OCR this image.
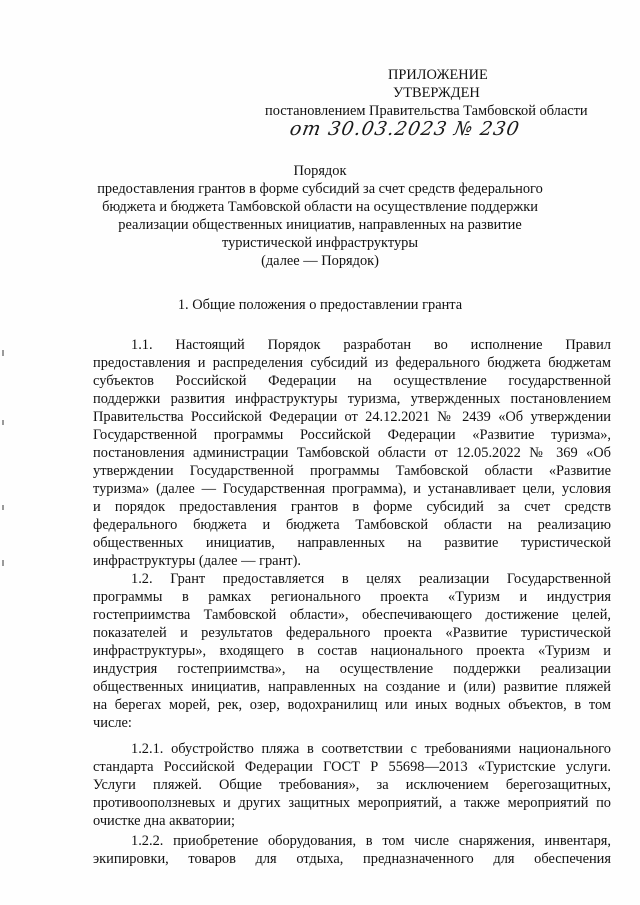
ПРИЛОЖЕНИЕ
УТВЕРЖДЕН
постановлением Правительства Тамбовской области
от 30.03.2023 № 230
Порядок
предоставления грантов в форме субсидий за счет средств федерального
бюджета и бюджета Тамбовской области на осуществление поддержки
реализации общественных инициатив, направленных на развитие
туристической инфраструктуры
(далее — Порядок)
1. Общие положения о предоставлении гранта
1.1. Настоящий Порядок разработан во исполнение Правил
предоставления и распределения субсидий из федерального бюджета бюджетам
субъектов Российской Федерации на осуществление государственной
поддержки развития инфраструктуры туризма, утвержденных постановлением
Правительства Российской Федерации от 24.12.2021 № 2439 «Об утверждении
Государственной программы Российской Федерации «Развитие туризма»,
постановления администрации Тамбовской области от 12.05.2022 № 369 «Об
утверждении Государственной программы Тамбовской области «Развитие
туризма» (далее — Государственная программа), и устанавливает цели, условия
и порядок предоставления грантов в форме субсидий за счет средств
федерального бюджета и бюджета Тамбовской области на реализацию
общественных инициатив, направленных на развитие туристической
инфраструктуры (далее — грант).
1.2. Грант предоставляется в целях реализации Государственной
программы в рамках регионального проекта «Туризм и индустрия
гостеприимства Тамбовской области», обеспечивающего достижение целей,
показателей и результатов федерального проекта «Развитие туристической
инфраструктуры», входящего в состав национального проекта «Туризм и
индустрия гостеприимства», на осуществление поддержки реализации
общественных инициатив, направленных на создание и (или) развитие пляжей
на берегах морей, рек, озер, водохранилищ или иных водных объектов, в том
числе:
1.2.1. обустройство пляжа в соответствии с требованиями национального
стандарта Российской Федерации ГОСТ Р 55698—2013 «Туристские услуги.
Услуги пляжей. Общие требования», за исключением берегозащитных,
противооползневых и других защитных мероприятий, а также мероприятий по
очистке дна акватории;
1.2.2. приобретение оборудования, в том числе снаряжения, инвентаря,
экипировки, товаров для отдыха, предназначенного для обеспечения
